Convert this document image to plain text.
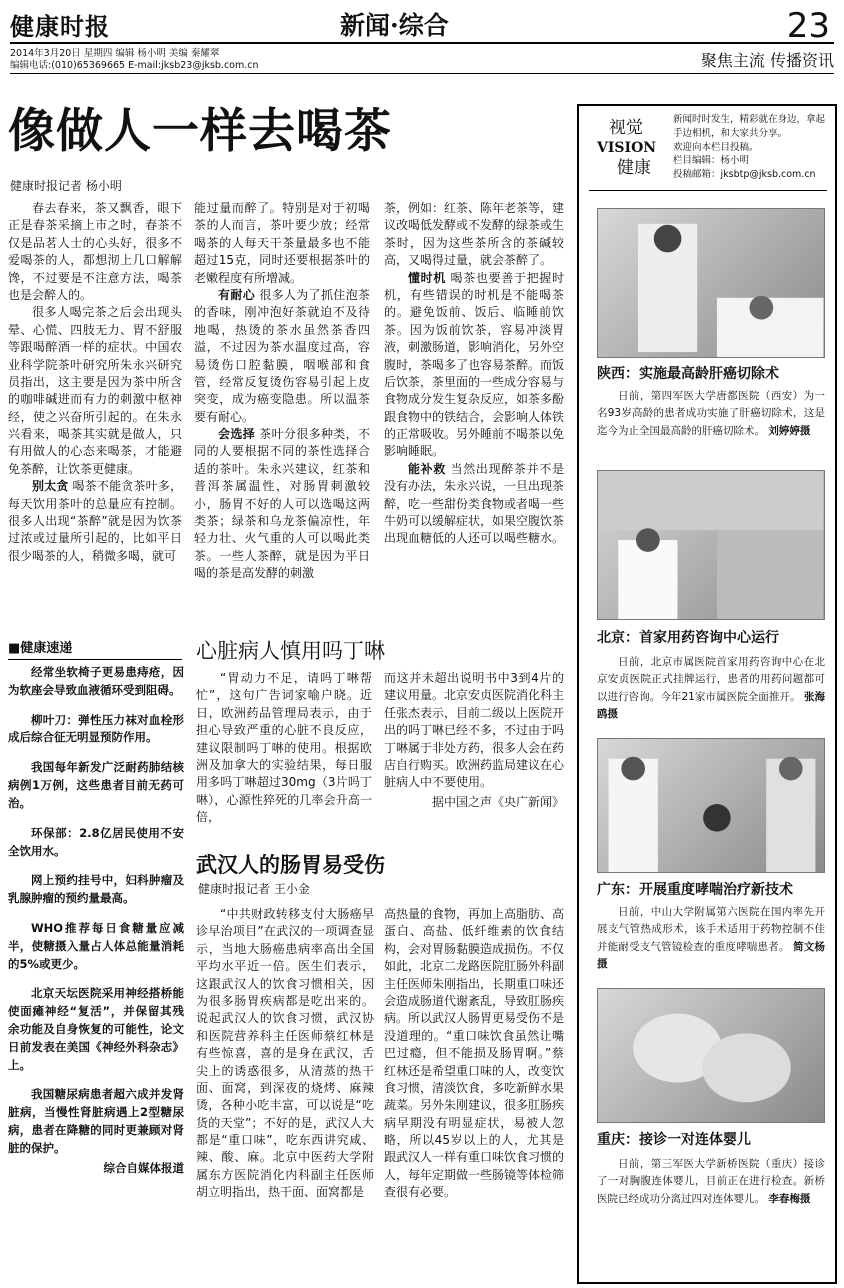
健康时报	新闻·综合	23
2014年3月20日 星期四 编辑 杨小明 美编 秦耀翠
编辑电话:(010)65369665 E-mail:jksb23@jksb.com.cn	聚焦主流 传播资讯
像做人一样去喝茶
健康时报记者 杨小明

春去春来，茶又飘香，眼下正是春茶采摘上市之时，春茶不仅是品茗人士的心头好，很多不爱喝茶的人，都想沏上几口解解馋，不过要是不注意方法，喝茶也是会醉人的。

很多人喝完茶之后会出现头晕、心慌、四肢无力、胃不舒服等跟喝醉酒一样的症状。中国农业科学院茶叶研究所朱永兴研究员指出，这主要是因为茶中所含的咖啡碱进而有力的刺激中枢神经，使之兴奋所引起的。在朱永兴看来，喝茶其实就是做人，只有用做人的心态来喝茶，才能避免茶醉，让饮茶更健康。

别太贪 喝茶不能贪茶叶多，每天饮用茶叶的总量应有控制。很多人出现“茶醉”就是因为饮茶过浓或过量所引起的，比如平日很少喝茶的人，稍微多喝，就可

能过量而醉了。特别是对于初喝茶的人而言，茶叶要少放；经常喝茶的人每天干茶量最多也不能超过15克，同时还要根据茶叶的老嫩程度有所增减。

有耐心 很多人为了抓住泡茶的香味，刚冲泡好茶就迫不及待地喝，热烫的茶水虽然茶香四溢，不过因为茶水温度过高，容易烫伤口腔黏膜，咽喉部和食管，经常反复烫伤容易引起上皮突变，成为癌变隐患。所以温茶要有耐心。

会选择 茶叶分很多种类，不同的人要根据不同的茶性选择合适的茶叶。朱永兴建议，红茶和普洱茶属温性，对肠胃刺激较小，肠胃不好的人可以选喝这两类茶；绿茶和乌龙茶偏凉性，年轻力壮、火气重的人可以喝此类茶。一些人茶醉，就是因为平日喝的茶是高发酵的刺激

茶，例如：红茶、陈年老茶等，建议改喝低发酵或不发酵的绿茶或生茶时，因为这些茶所含的茶碱较高，又喝得过量，就会茶醉了。

懂时机 喝茶也要善于把握时机，有些错误的时机是不能喝茶的。避免饭前、饭后、临睡前饮茶。因为饭前饮茶，容易冲淡胃液，刺激肠道，影响消化，另外空腹时，茶喝多了也容易茶醉。而饭后饮茶，茶里面的一些成分容易与食物成分发生复杂反应，如茶多酚跟食物中的铁结合，会影响人体铁的正常吸收。另外睡前不喝茶以免影响睡眠。

能补救 当然出现醉茶并不是没有办法，朱永兴说，一旦出现茶醉，吃一些甜份类食物或者喝一些牛奶可以缓解症状，如果空腹饮茶出现血糖低的人还可以喝些糖水。

■健康速递

经常坐软椅子更易患痔疮，因为软座会导致血液循环受到阻碍。

柳叶刀：弹性压力袜对血栓形成后综合征无明显预防作用。

我国每年新发广泛耐药肺结核病例1万例，这些患者目前无药可治。

环保部：2.8亿居民使用不安全饮用水。

网上预约挂号中，妇科肿瘤及乳腺肿瘤的预约量最高。

WHO推荐每日食糖量应减半，使糖摄入量占人体总能量消耗的5%或更少。

北京天坛医院采用神经搭桥能使面瘫神经“复活”，并保留其残余功能及自身恢复的可能性，论文日前发表在美国《神经外科杂志》上。

我国糖尿病患者超六成并发肾脏病，当慢性肾脏病遇上2型糖尿病，患者在降糖的同时更兼顾对肾脏的保护。

综合自媒体报道

心脏病人慎用吗丁啉

“胃动力不足，请吗丁啉帮忙”，这句广告词家喻户晓。近日，欧洲药品管理局表示，由于担心导致严重的心脏不良反应，建议限制吗丁啉的使用。根据欧洲及加拿大的实验结果，每日服用多吗丁啉超过30mg（3片吗丁啉），心源性猝死的几率会升高一倍，

而这并未超出说明书中3到4片的建议用量。北京安贞医院消化科主任张杰表示，目前二级以上医院开出的吗丁啉已经不多，不过由于吗丁啉属于非处方药，很多人会在药店自行购买。欧洲药监局建议在心脏病人中不要使用。

据中国之声《央广新闻》

武汉人的肠胃易受伤
健康时报记者 王小金

“中共财政转移支付大肠癌早诊早治项目”在武汉的一项调查显示，当地大肠癌患病率高出全国平均水平近一倍。医生们表示，这跟武汉人的饮食习惯相关，因为很多肠胃疾病都是吃出来的。说起武汉人的饮食习惯，武汉协和医院营养科主任医师蔡红林是有些惊喜，喜的是身在武汉，舌尖上的诱惑很多，从清蒸的热干面、面窝，到深夜的烧烤、麻辣烫，各种小吃丰富，可以说是“吃货的天堂”；不好的是，武汉人大都是“重口味”，吃东西讲究咸、辣、酸、麻。北京中医药大学附属东方医院消化内科副主任医师胡立明指出，热干面、面窝都是

高热量的食物，再加上高脂肪、高蛋白、高盐、低纤维素的饮食结构，会对胃肠黏膜造成损伤。不仅如此，北京二龙路医院肛肠外科副主任医师朱刚指出，长期重口味还会造成肠道代谢紊乱，导致肛肠疾病。所以武汉人肠胃更易受伤不是没道理的。“重口味饮食虽然让嘴巴过瘾，但不能损及肠胃啊。”蔡红林还是希望重口味的人，改变饮食习惯，清淡饮食，多吃新鲜水果蔬菜。另外朱刚建议，很多肛肠疾病早期没有明显症状，易被人忽略，所以45岁以上的人，尤其是跟武汉人一样有重口味饮食习惯的人，每年定期做一些肠镜等体检筛查很有必要。

视觉
VISION
健康
新闻时时发生，精彩就在身边，拿起手边相机，和大家共分享。
欢迎向本栏目投稿。
栏目编辑：杨小明
投稿邮箱：jksbtp@jksb.com.cn
陕西：实施最高龄肝癌切除术

日前，第四军医大学唐都医院（西安）为一名93岁高龄的患者成功实施了肝癌切除术，这是迄今为止全国最高龄的肝癌切除术。 刘婷婷摄

北京：首家用药咨询中心运行

日前，北京市属医院首家用药咨询中心在北京安贞医院正式挂牌运行，患者的用药问题都可以进行咨询。今年21家市属医院全面推开。 张海鸥摄

广东：开展重度哮喘治疗新技术

日前，中山大学附属第六医院在国内率先开展支气管热成形术，该手术适用于药物控制不佳并能耐受支气管镜检查的重度哮喘患者。 简文杨摄

重庆：接诊一对连体婴儿

日前，第三军医大学新桥医院（重庆）接诊了一对胸腹连体婴儿，目前正在进行检查。新桥医院已经成功分离过四对连体婴儿。 李春梅摄
